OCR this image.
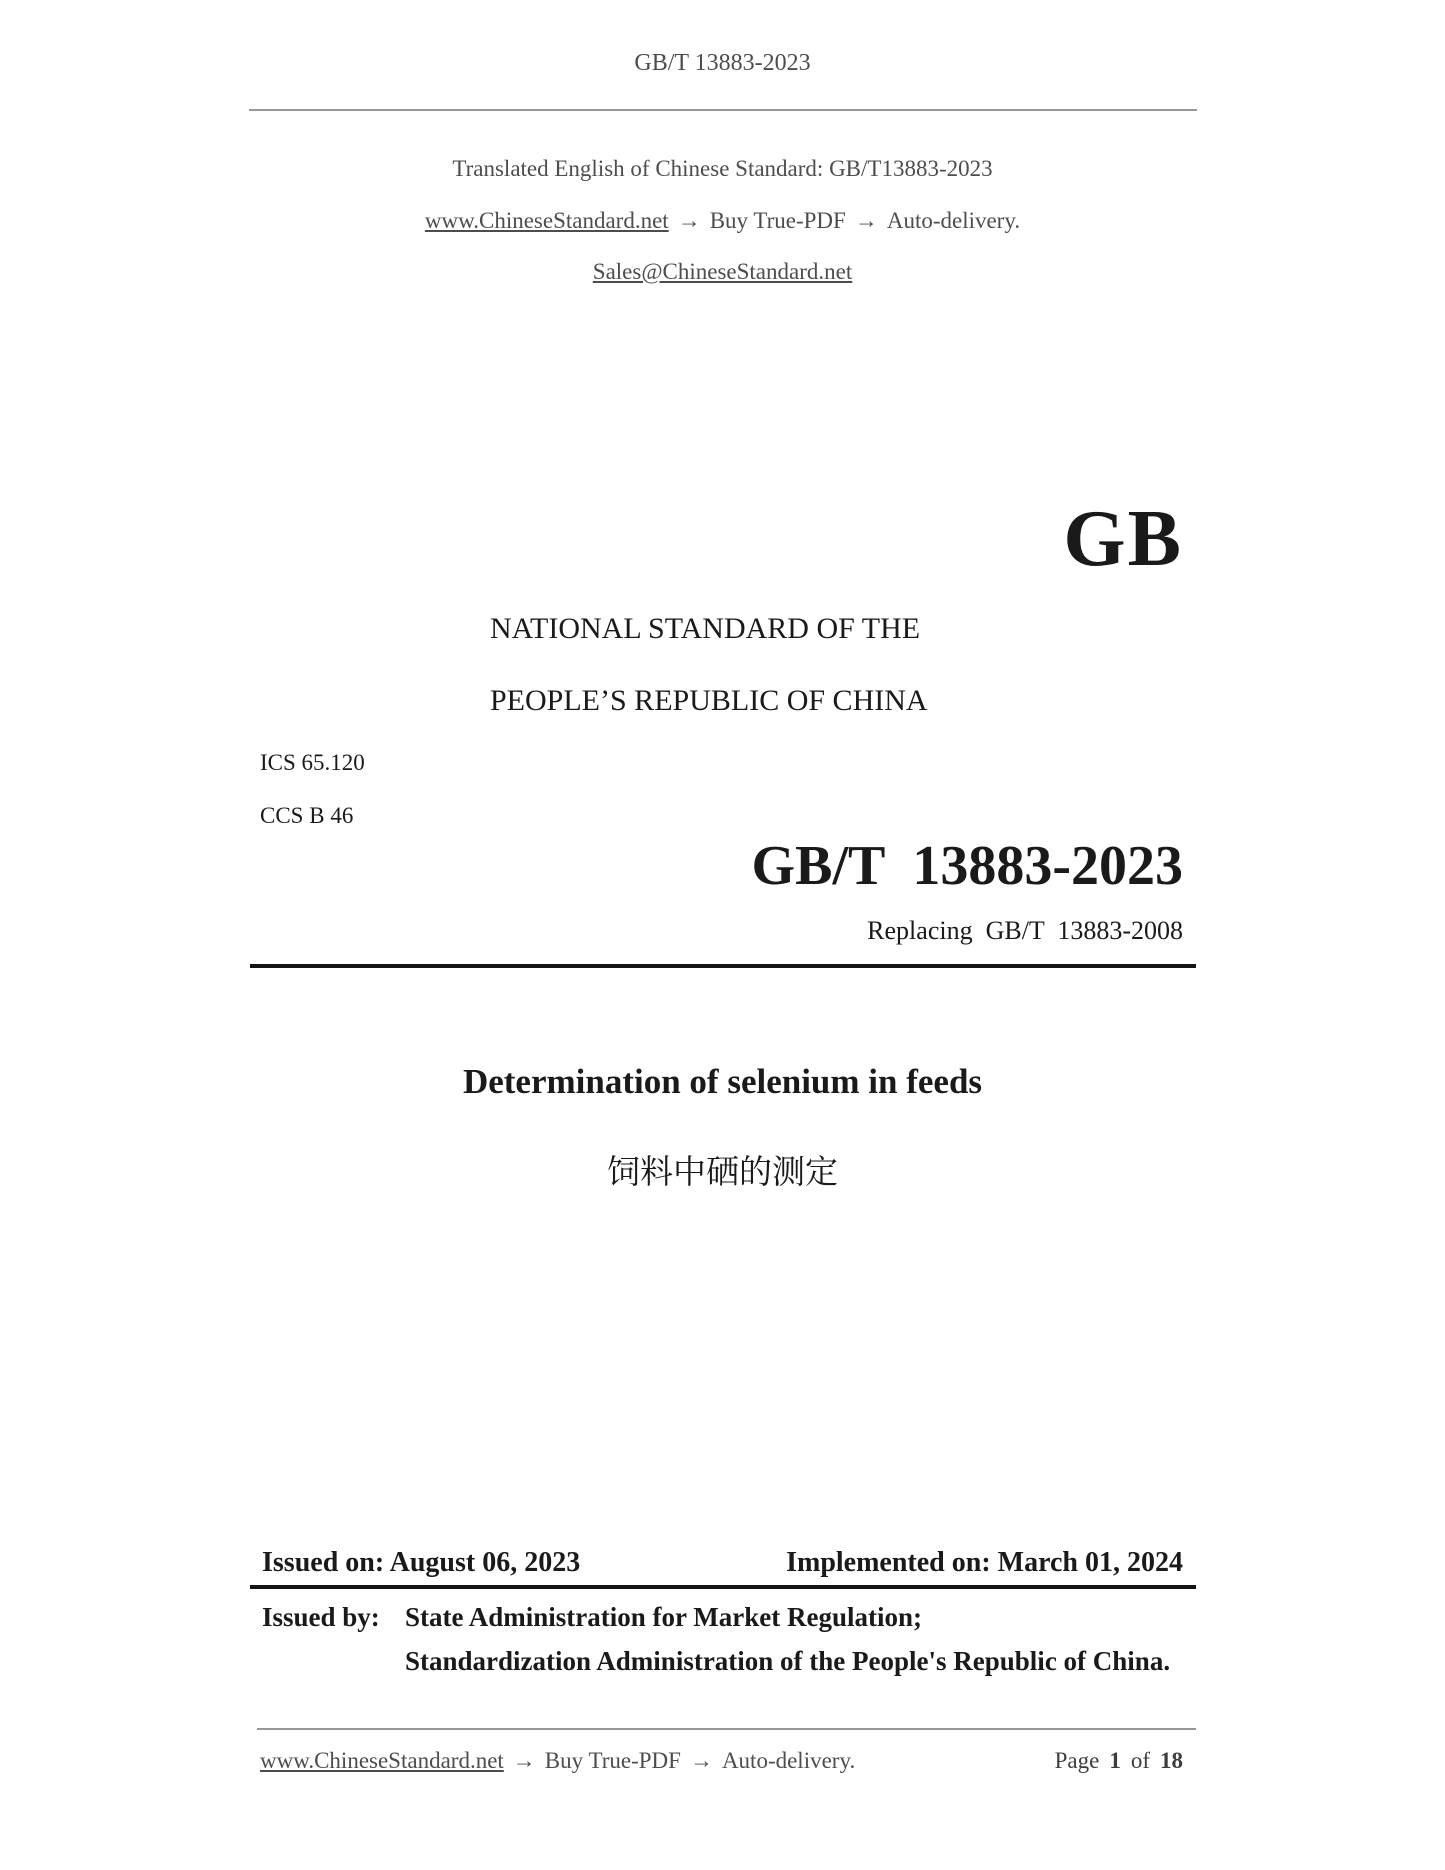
GB/T 13883-2023
Translated English of Chinese Standard: GB/T13883-2023
www.ChineseStandard.net → Buy True-PDF → Auto-delivery.
Sales@ChineseStandard.net
GB
NATIONAL STANDARD OF THE
PEOPLE’S REPUBLIC OF CHINA
ICS 65.120
CCS B 46
GB/T  13883-2023
Replacing  GB/T  13883-2008
Determination of selenium in feeds
饲料中硒的测定
Issued on: August 06, 2023	Implemented on: March 01, 2024
Issued by: State Administration for Market Regulation;
Standardization Administration of the People's Republic of China.
www.ChineseStandard.net → Buy True-PDF → Auto-delivery.	Page 1 of 18
